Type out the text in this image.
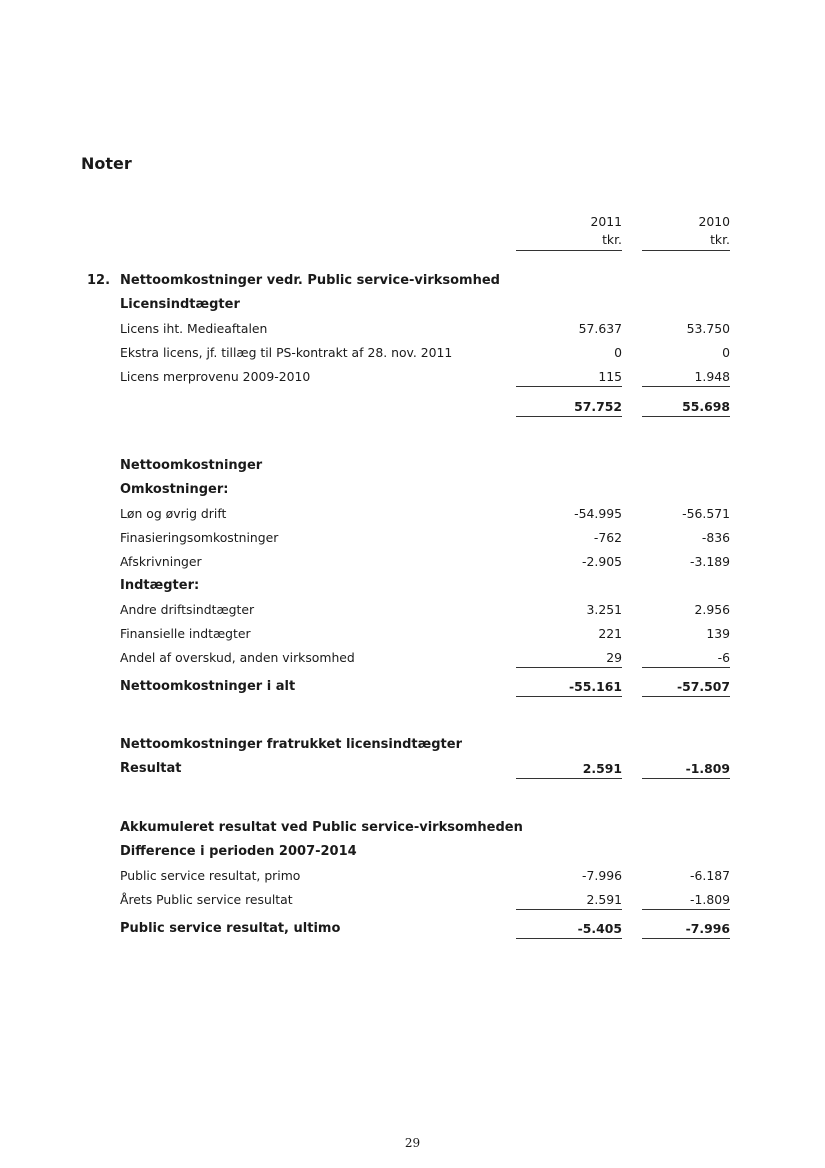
Noter
2011	2010
tkr.	tkr.
12. Nettoomkostninger vedr. Public service-virksomhed
Licensindtægter
Licens iht. Medieaftalen	57.637	53.750
Ekstra licens, jf. tillæg til PS-kontrakt af 28. nov. 2011	0	0
Licens merprovenu 2009-2010	115	1.948
57.752	55.698
Nettoomkostninger
Omkostninger:
Løn og øvrig drift	-54.995	-56.571
Finasieringsomkostninger	-762	-836
Afskrivninger	-2.905	-3.189
Indtægter:
Andre driftsindtægter	3.251	2.956
Finansielle indtægter	221	139
Andel af overskud, anden virksomhed	29	-6
Nettoomkostninger i alt	-55.161	-57.507
Nettoomkostninger fratrukket licensindtægter
Resultat	2.591	-1.809
Akkumuleret resultat ved Public service-virksomheden
Difference i perioden 2007-2014
Public service resultat, primo	-7.996	-6.187
Årets Public service resultat	2.591	-1.809
Public service resultat, ultimo	-5.405	-7.996
29
